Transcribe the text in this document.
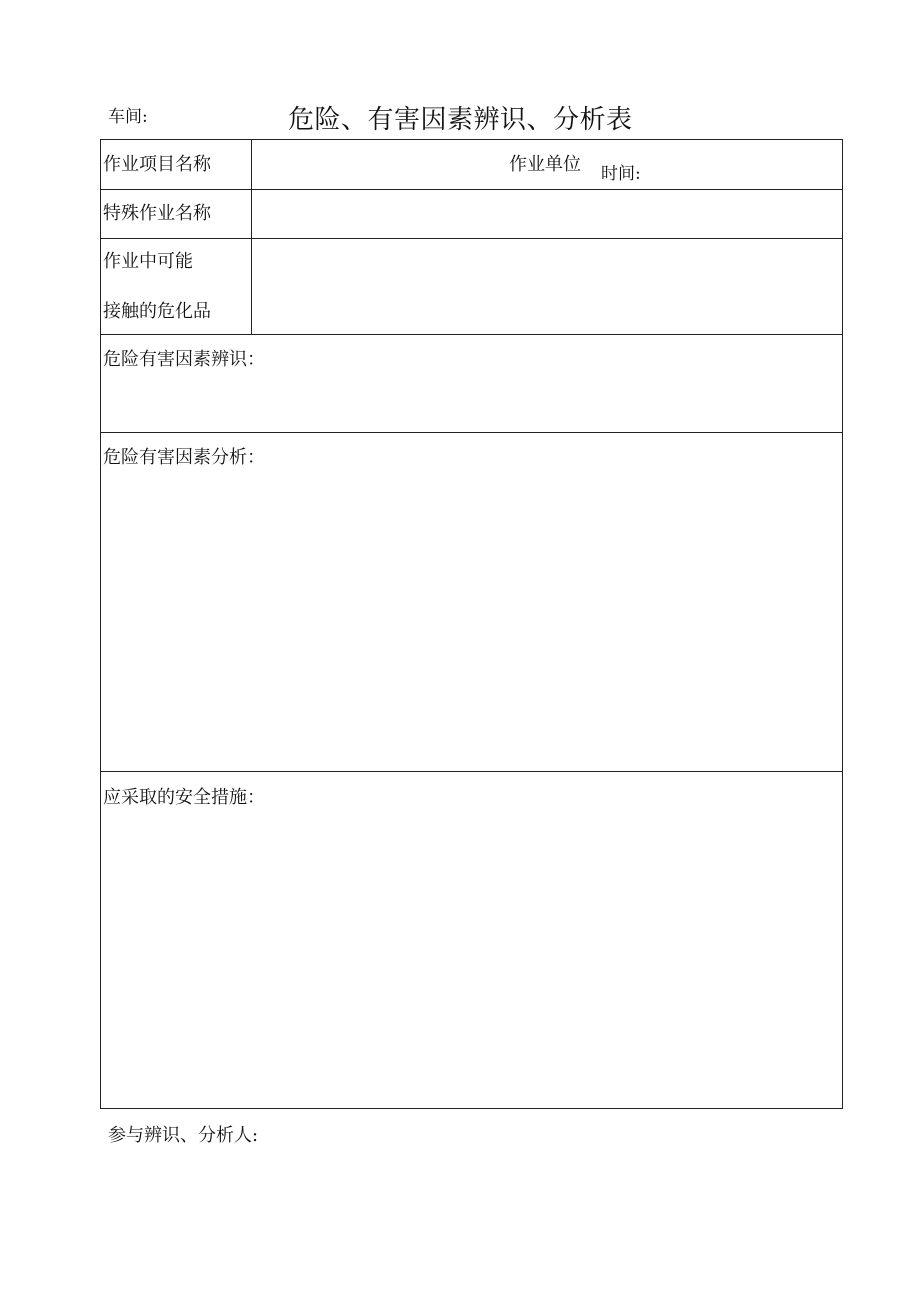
车间:	危险、有害因素辨识、分析表
作业项目名称	作业单位 时间:
特殊作业名称
作业中可能
接触的危化品
危险有害因素辨识：
危险有害因素分析：
应采取的安全措施：
参与辨识、分析人:
